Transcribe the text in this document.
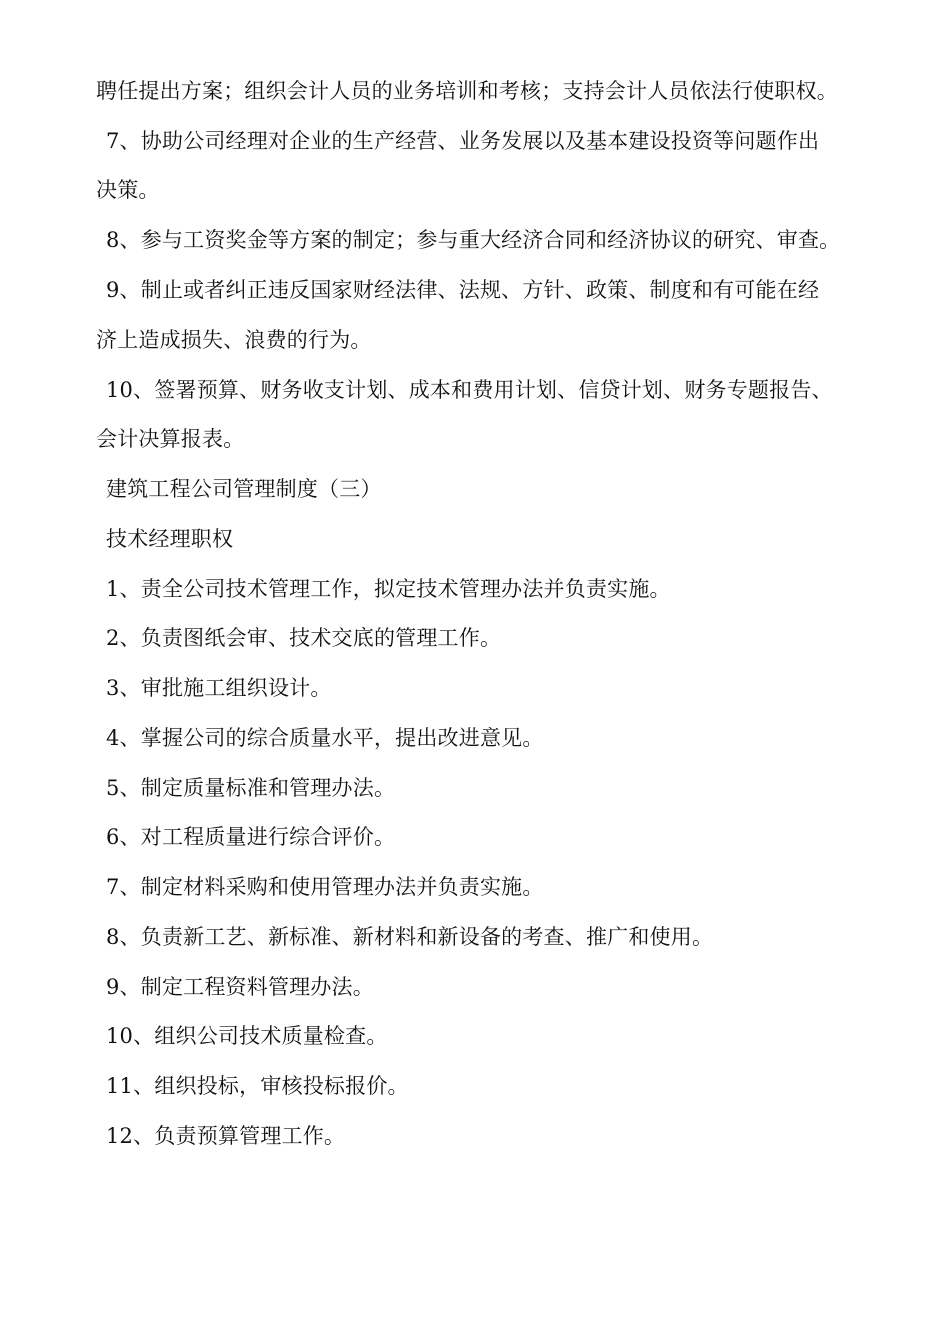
聘任提出方案；组织会计人员的业务培训和考核；支持会计人员依法行使职权。
7、协助公司经理对企业的生产经营、业务发展以及基本建设投资等问题作出
决策。
8、参与工资奖金等方案的制定；参与重大经济合同和经济协议的研究、审查。
9、制止或者纠正违反国家财经法律、法规、方针、政策、制度和有可能在经
济上造成损失、浪费的行为。
10、签署预算、财务收支计划、成本和费用计划、信贷计划、财务专题报告、
会计决算报表。
建筑工程公司管理制度（三）
技术经理职权
1、责全公司技术管理工作，拟定技术管理办法并负责实施。
2、负责图纸会审、技术交底的管理工作。
3、审批施工组织设计。
4、掌握公司的综合质量水平，提出改进意见。
5、制定质量标准和管理办法。
6、对工程质量进行综合评价。
7、制定材料采购和使用管理办法并负责实施。
8、负责新工艺、新标准、新材料和新设备的考查、推广和使用。
9、制定工程资料管理办法。
10、组织公司技术质量检查。
11、组织投标，审核投标报价。
12、负责预算管理工作。
